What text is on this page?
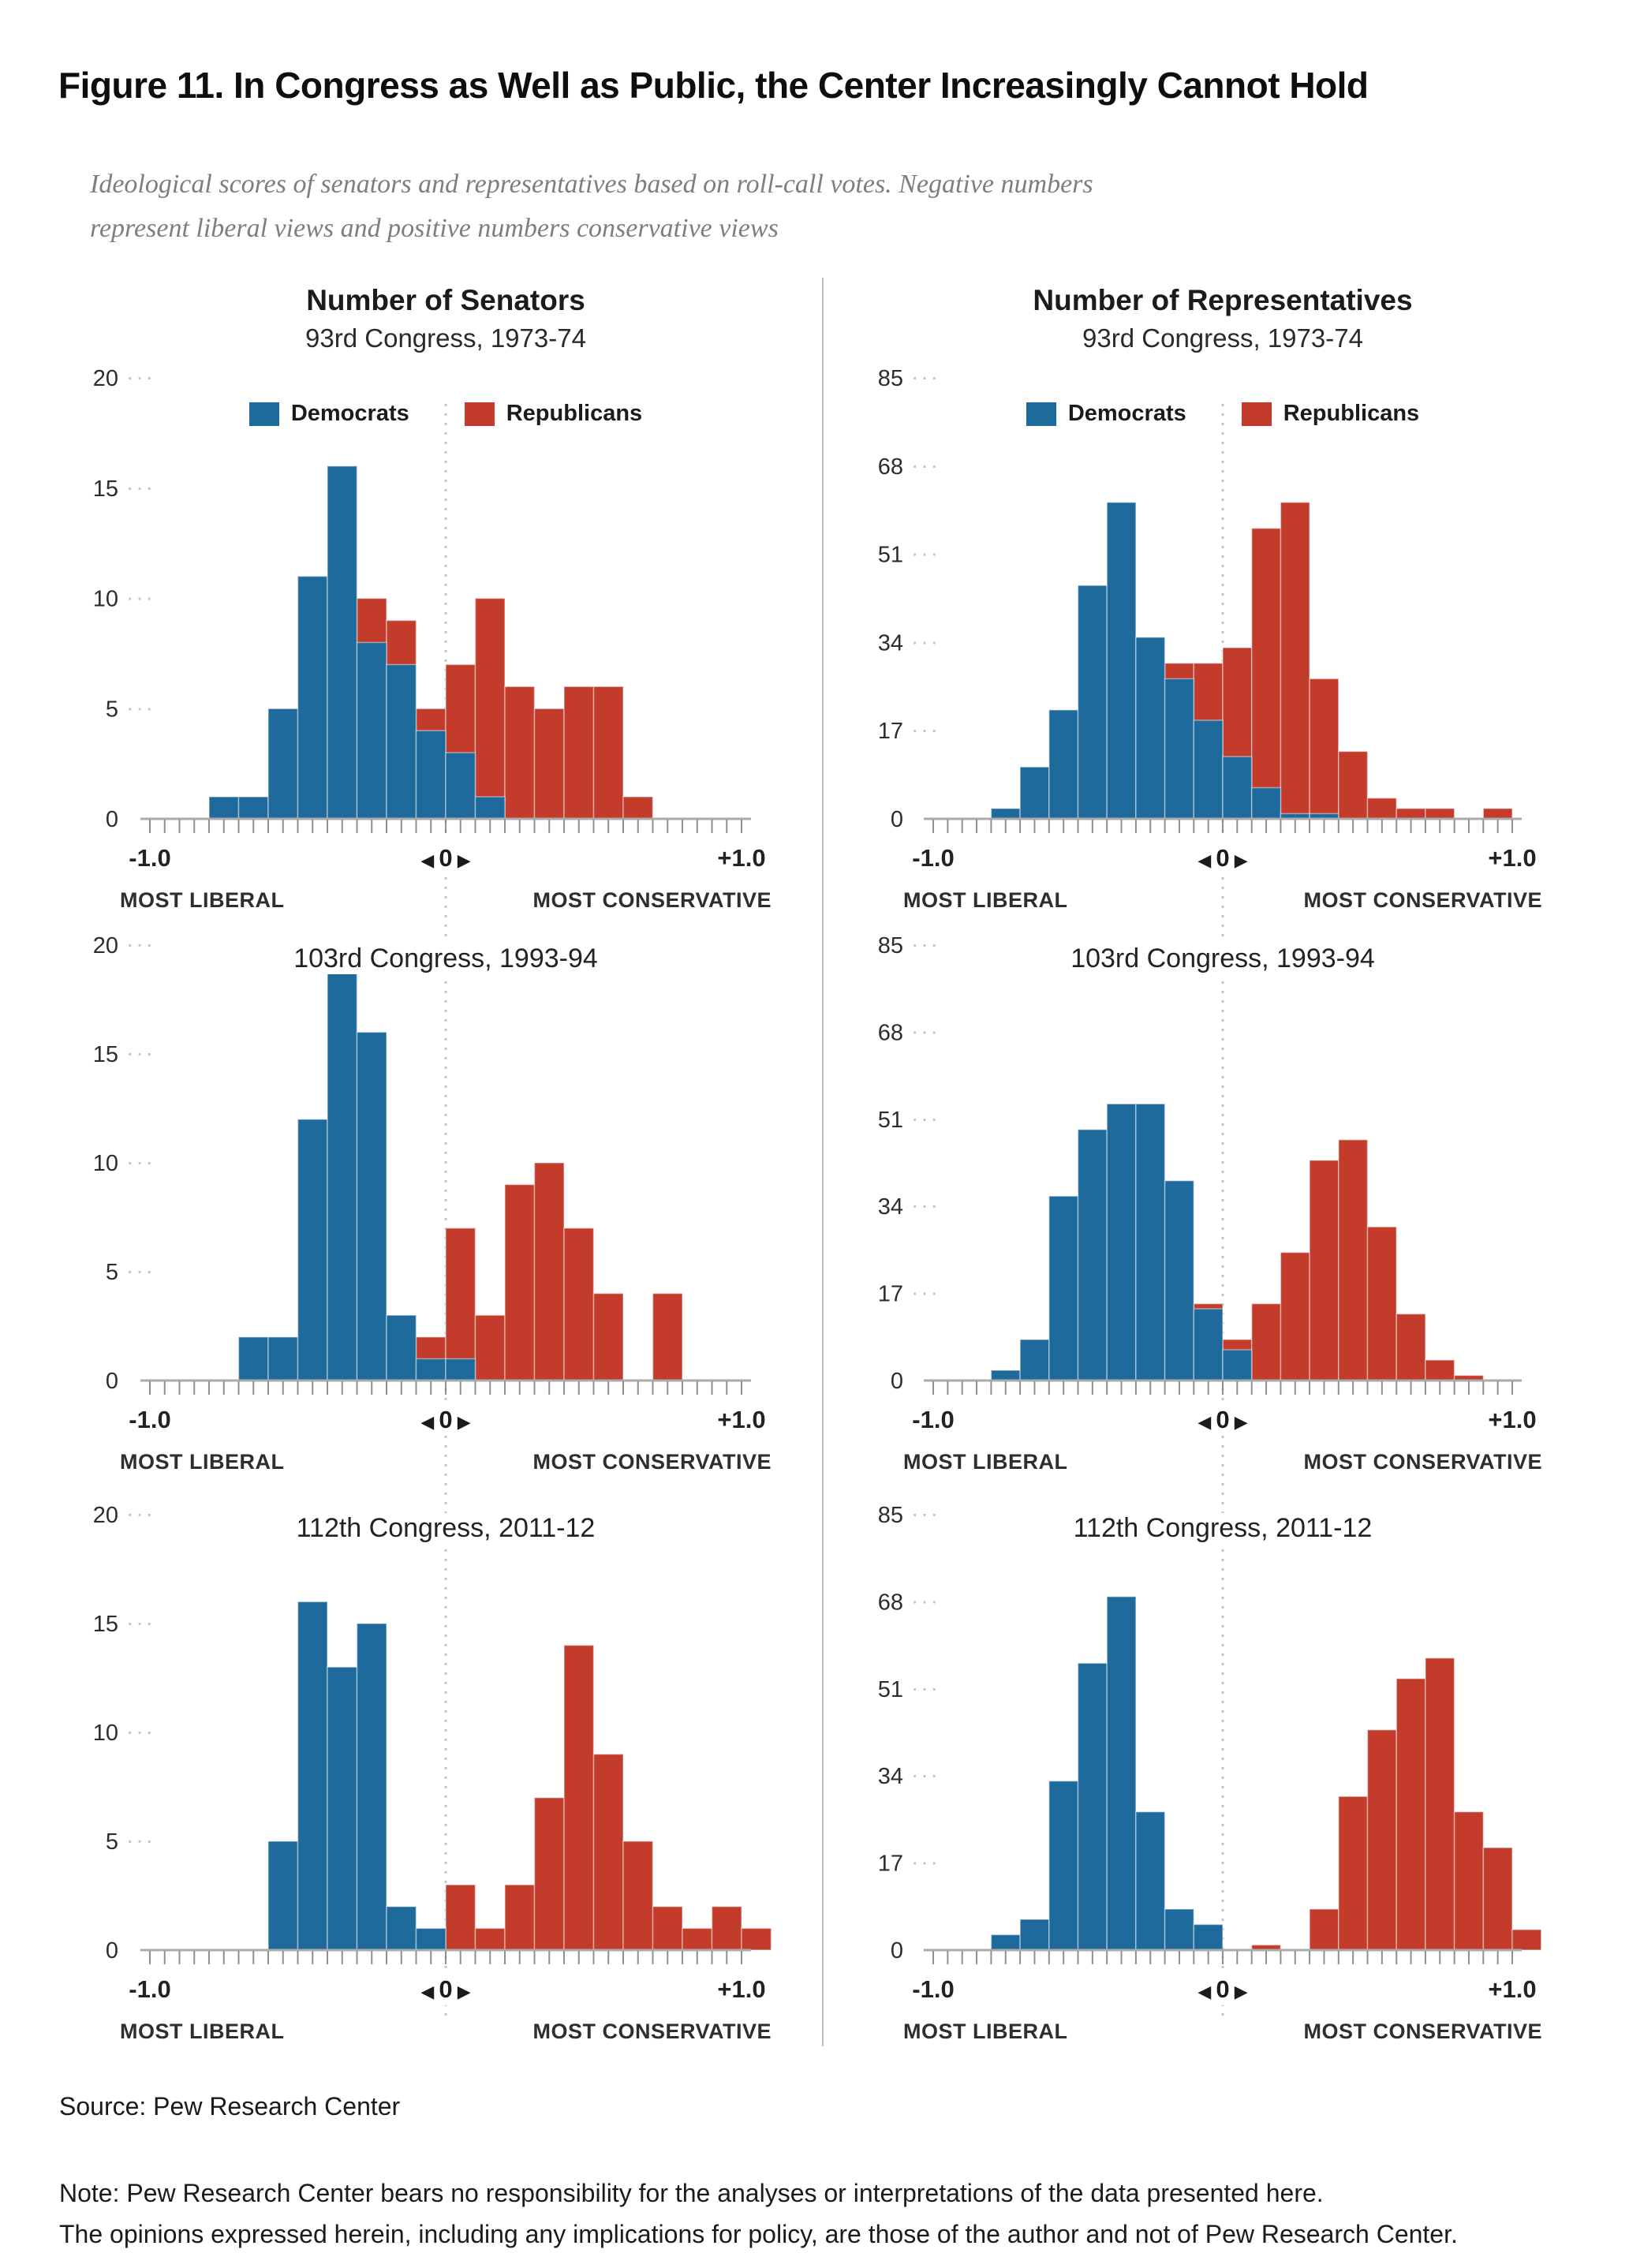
Figure 11. In Congress as Well as Public, the Center Increasingly Cannot Hold
Ideological scores of senators and representatives based on roll-call votes. Negative numbers
represent liberal views and positive numbers conservative views
Number of Senators
93rd Congress, 1973-74
Number of Representatives
93rd Congress, 1973-74
Democrats	Republicans	Democrats	Republicans
103rd Congress, 1993-94	103rd Congress, 1993-94
112th Congress, 2011-12	112th Congress, 2011-12
20 ···
15 ···
10 ···
5 ···
0
-1.0	+1.0
◀ 0 ▶
MOST LIBERAL	MOST CONSERVATIVE
85 ···
68 ···
51 ···
34 ···
17 ···
0
-1.0	+1.0
◀ 0 ▶
MOST LIBERAL	MOST CONSERVATIVE
20 ···
15 ···
10 ···
5 ···
0
-1.0	+1.0
◀ 0 ▶
MOST LIBERAL	MOST CONSERVATIVE
85 ···
68 ···
51 ···
34 ···
17 ···
0
-1.0	+1.0
◀ 0 ▶
MOST LIBERAL	MOST CONSERVATIVE
20 ···
15 ···
10 ···
5 ···
0
-1.0	+1.0
◀ 0 ▶
MOST LIBERAL	MOST CONSERVATIVE
85 ···
68 ···
51 ···
34 ···
17 ···
0
-1.0	+1.0
◀ 0 ▶
MOST LIBERAL	MOST CONSERVATIVE
Source: Pew Research Center
Note: Pew Research Center bears no responsibility for the analyses or interpretations of the data presented here.
The opinions expressed herein, including any implications for policy, are those of the author and not of Pew Research Center.
